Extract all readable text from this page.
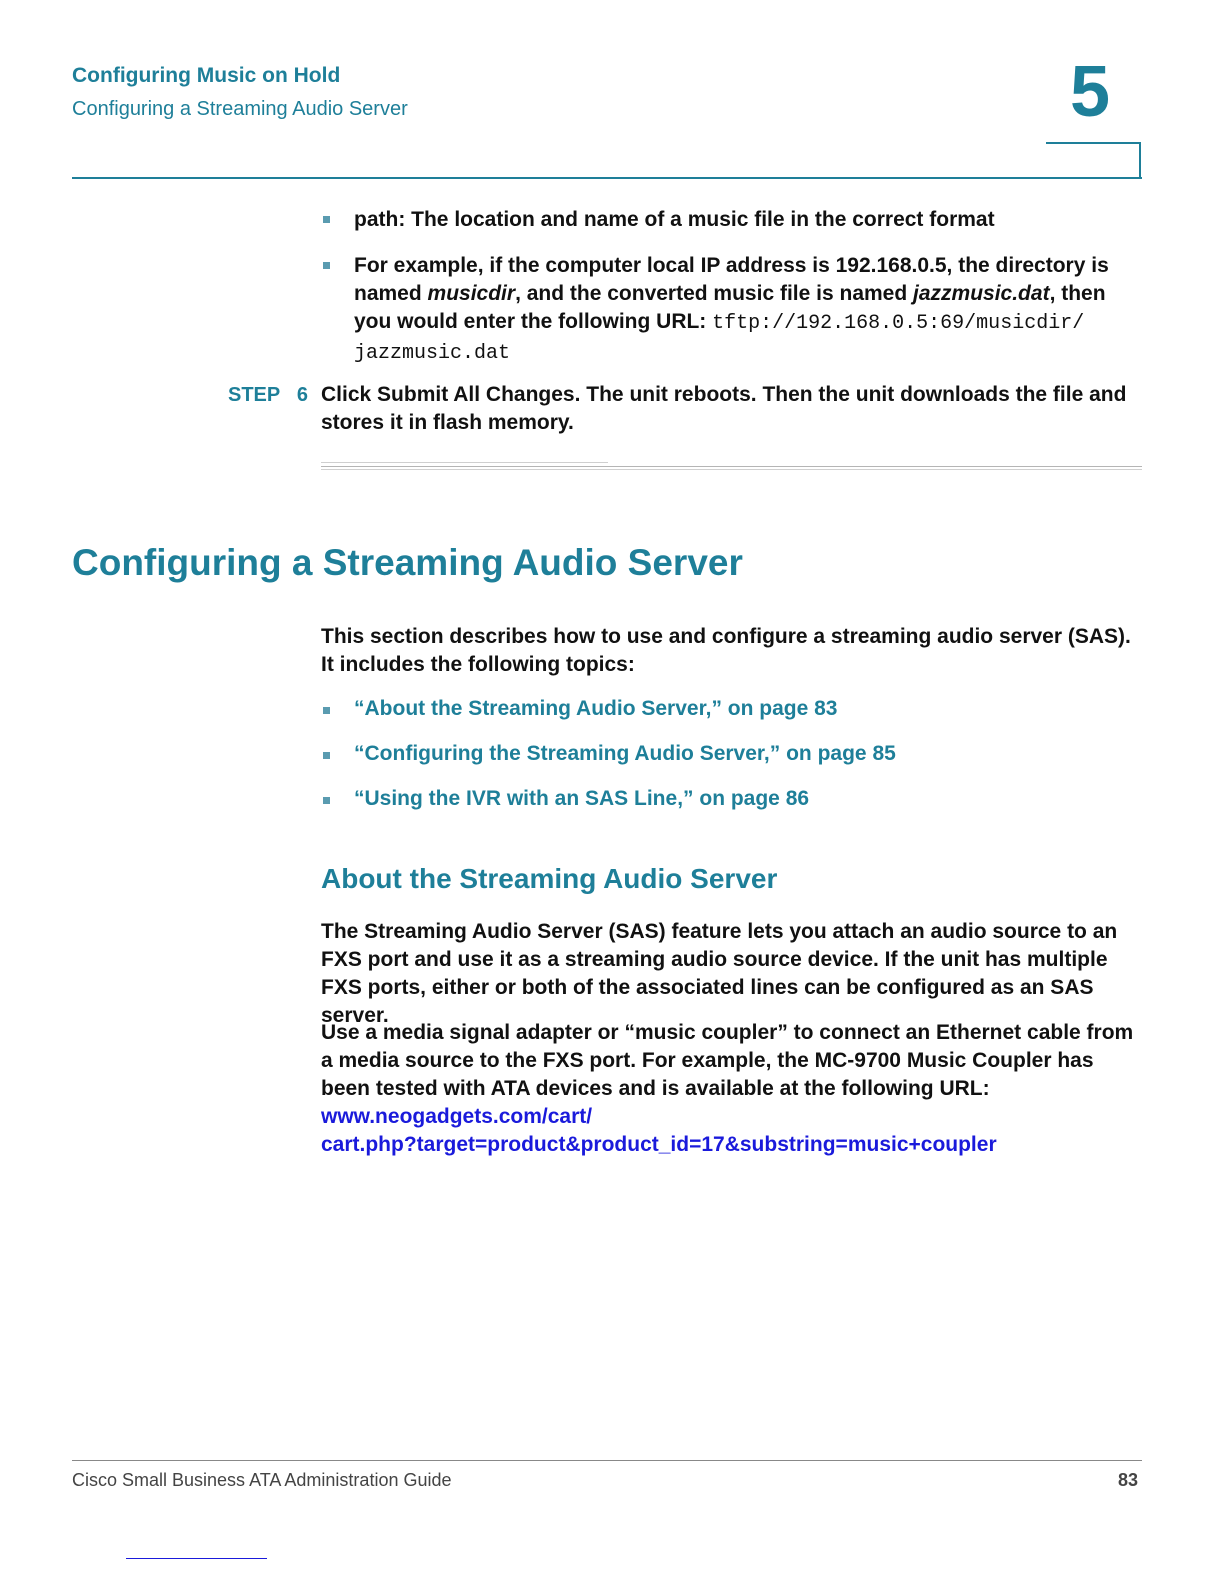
Configuring Music on Hold
Configuring a Streaming Audio Server	5
path: The location and name of a music file in the correct format
For example, if the computer local IP address is 192.168.0.5, the directory is named musicdir, and the converted music file is named jazzmusic.dat, then you would enter the following URL: tftp://192.168.0.5:69/musicdir/ jazzmusic.dat
STEP 6 Click Submit All Changes. The unit reboots. Then the unit downloads the file and stores it in flash memory.
Configuring a Streaming Audio Server
This section describes how to use and configure a streaming audio server (SAS). It includes the following topics:
“About the Streaming Audio Server,” on page 83
“Configuring the Streaming Audio Server,” on page 85
“Using the IVR with an SAS Line,” on page 86
About the Streaming Audio Server
The Streaming Audio Server (SAS) feature lets you attach an audio source to an FXS port and use it as a streaming audio source device. If the unit has multiple FXS ports, either or both of the associated lines can be configured as an SAS server.
Use a media signal adapter or “music coupler” to connect an Ethernet cable from a media source to the FXS port. For example, the MC-9700 Music Coupler has been tested with ATA devices and is available at the following URL:
www.neogadgets.com/cart/
cart.php?target=product&product_id=17&substring=music+coupler
Cisco Small Business ATA Administration Guide	83
